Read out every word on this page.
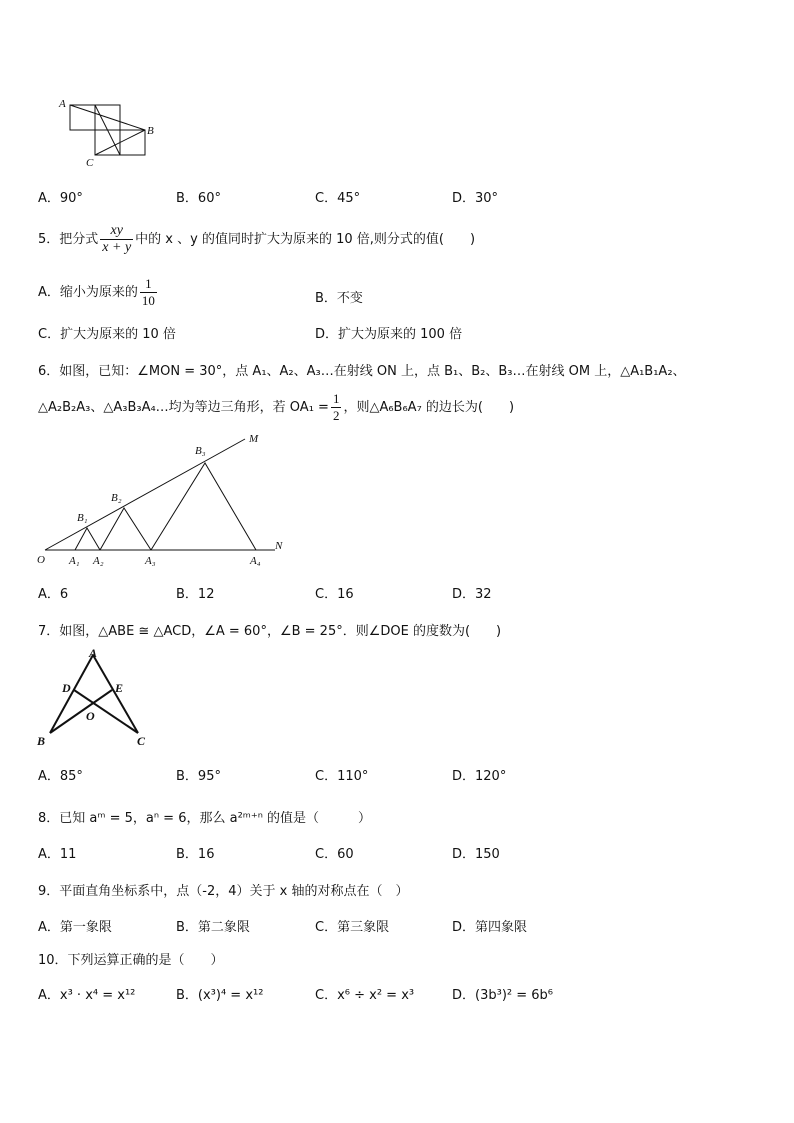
A
B
C
A．90°	B．60°	C．45°	D．30°
5．把分式 $\frac{xy}{x + y}$ 中的 x 、y 的值同时扩大为原来的 10 倍,则分式的值(　　)
A．缩小为原来的 $\frac{1}{10}$	B．不变
C．扩大为原来的 10 倍	D．扩大为原来的 100 倍
6．如图，已知：∠MON = 30°，点 A₁、A₂、A₃…在射线 ON 上，点 B₁、B₂、B₃…在射线 OM 上，△A₁B₁A₂、
△A₂B₂A₃、△A₃B₃A₄…均为等边三角形，若 $OA_1 = \frac{1}{2}$ ，则△A₆B₆A₇ 的边长为(　　)
O
M
N
A₁ A₂	A₃	A₄
B₁
B₂
B₃
A．6	B．12	C．16	D．32
7．如图，△ABE ≅ △ACD，∠A = 60°，∠B = 25°．则∠DOE 的度数为(　　)
A
B	C
D	E
O
A．85°	B．95°	C．110°	D．120°
8．已知 aᵐ = 5，aⁿ = 6，那么 a²ᵐ⁺ⁿ 的值是（　　　）
A．11	B．16	C．60	D．150
9．平面直角坐标系中，点（-2，4）关于 x 轴的对称点在（　）
A．第一象限	B．第二象限	C．第三象限	D．第四象限
10．下列运算正确的是（　　）
A．x³ · x⁴ = x¹²	B．(x³)⁴ = x¹²	C．x⁶ ÷ x² = x³	D．(3b³)² = 6b⁶
